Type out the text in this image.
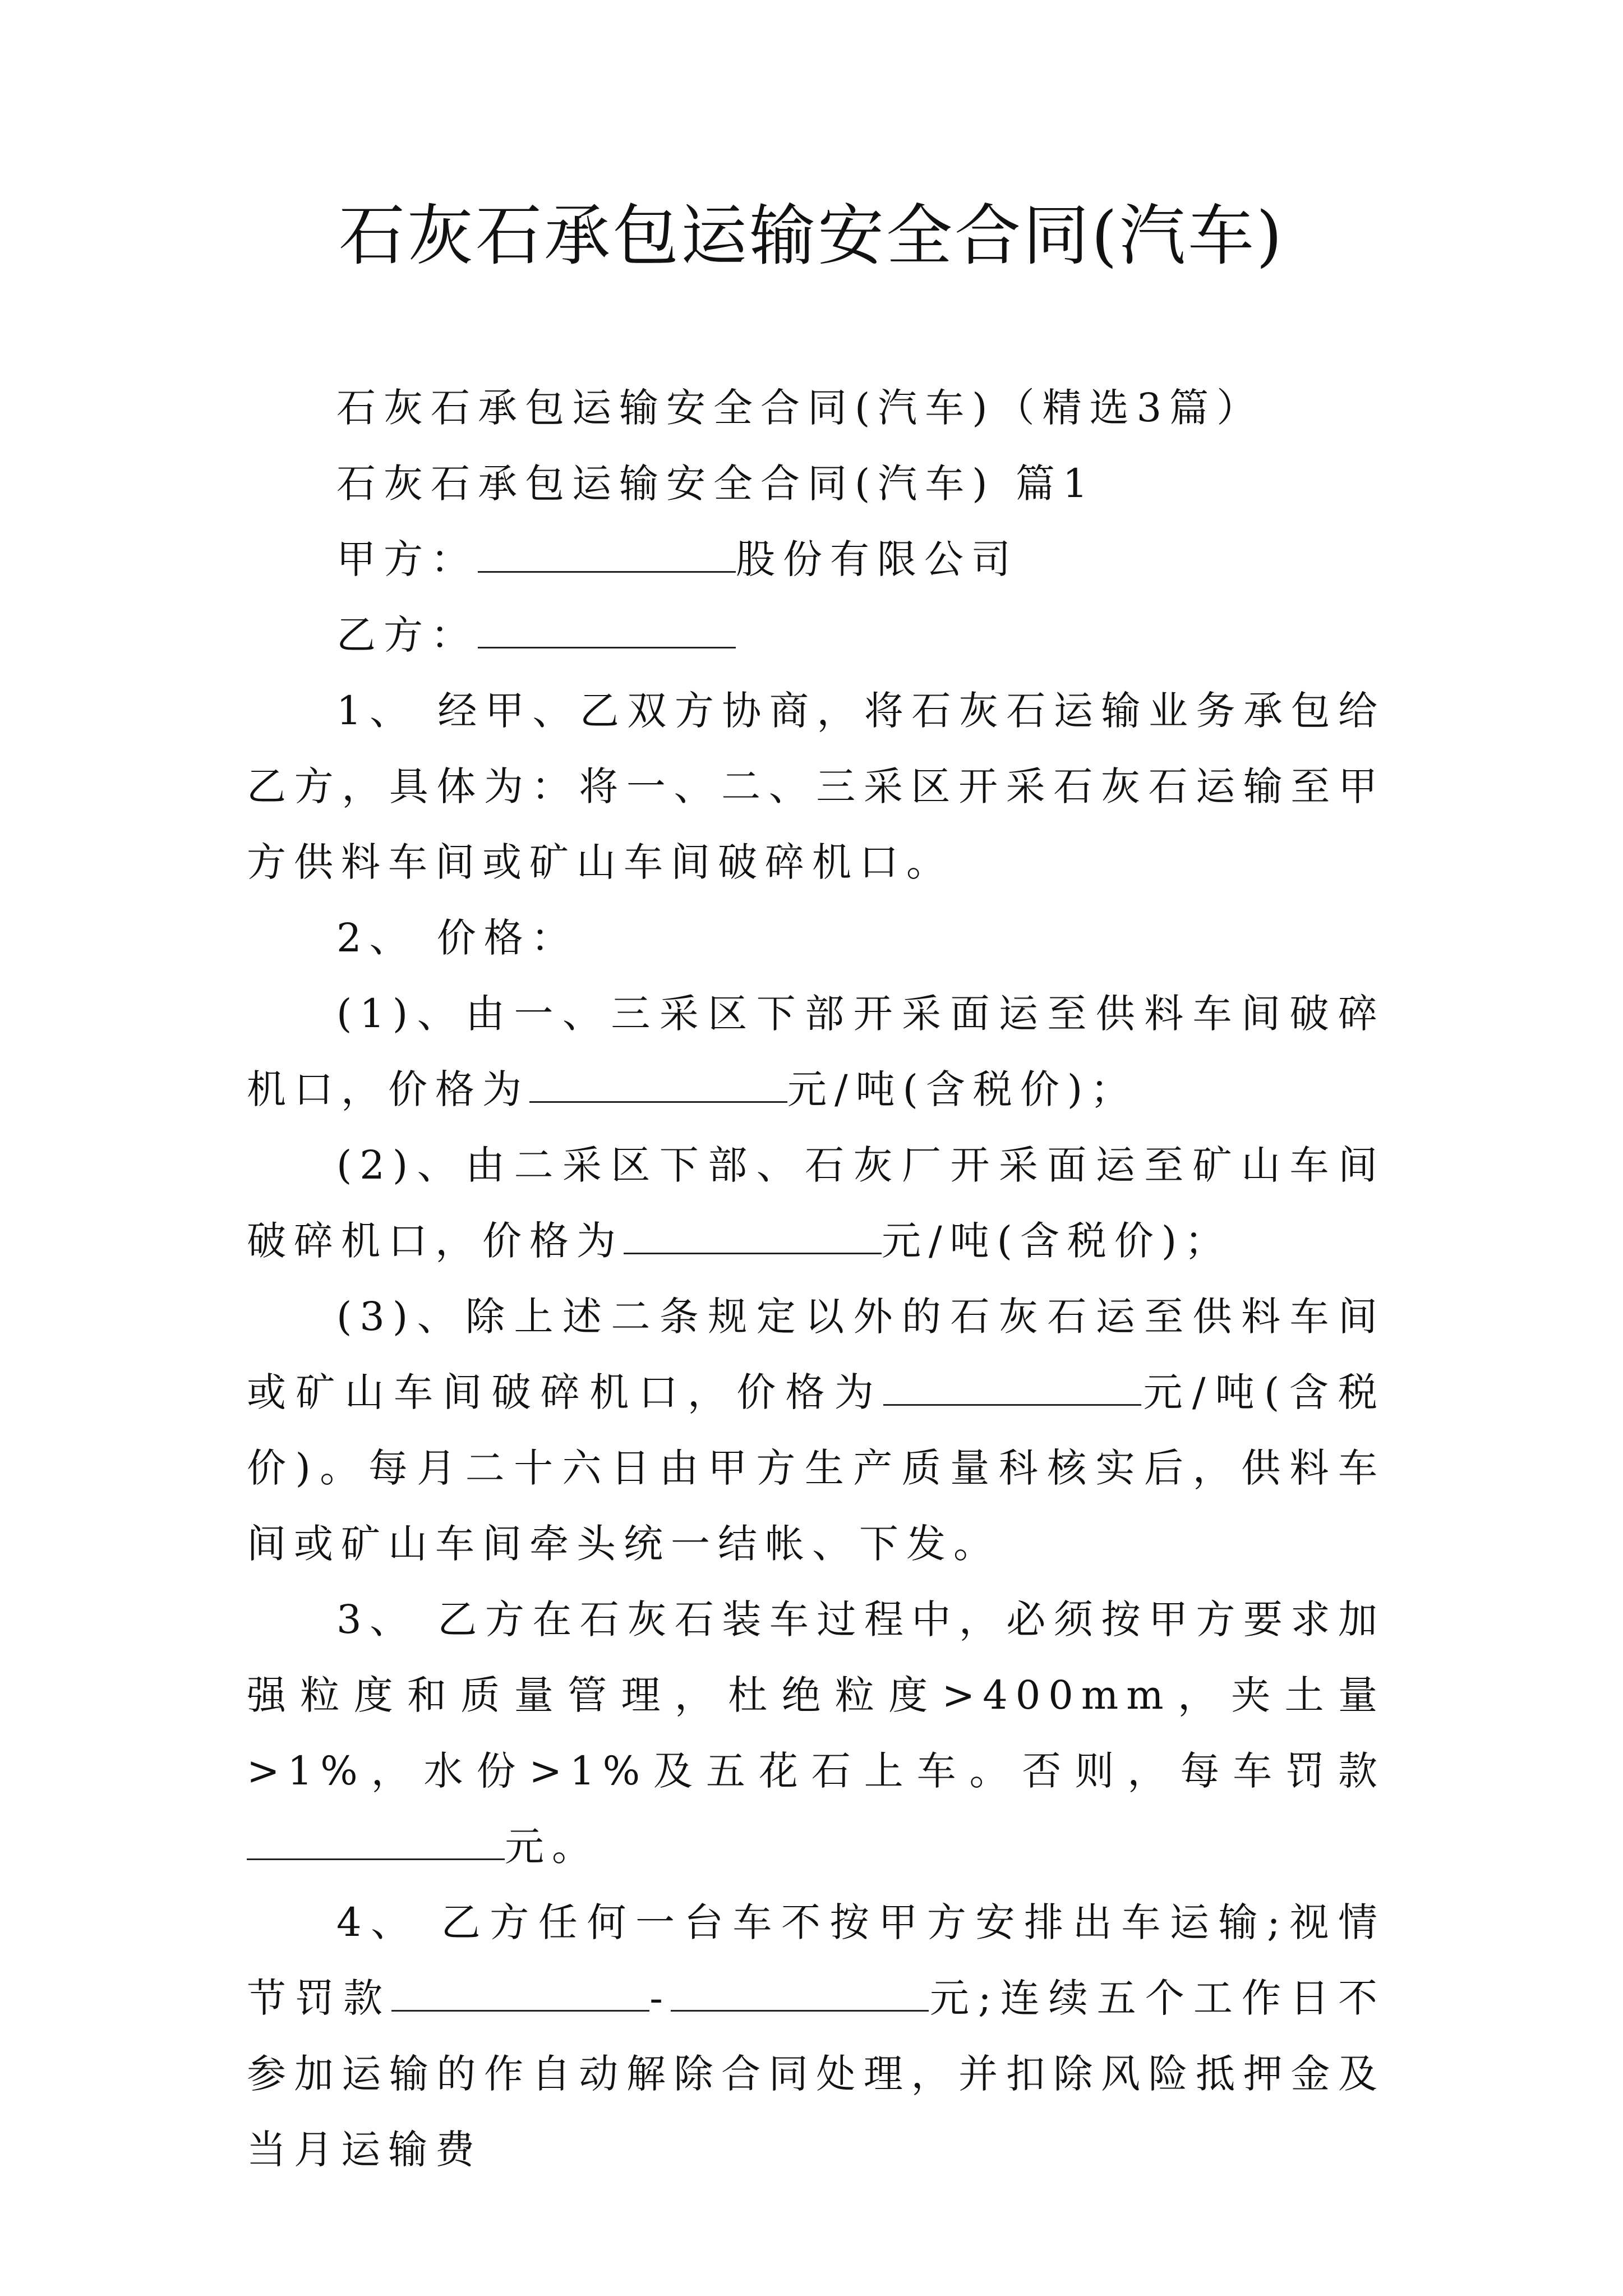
石灰石承包运输安全合同(汽车)

石灰石承包运输安全合同(汽车)（精选3篇）

石灰石承包运输安全合同(汽车) 篇1

甲方：	股份有限公司

乙方：

1、 经甲、乙双方协商，将石灰石运输业务承包给乙方，具体为：将一、二、三采区开采石灰石运输至甲方供料车间或矿山车间破碎机口。

2、 价格：

(1)、由一、三采区下部开采面运至供料车间破碎机口，价格为	元/吨(含税价)；

(2)、由二采区下部、石灰厂开采面运至矿山车间破碎机口，价格为	元/吨(含税价)；

(3)、除上述二条规定以外的石灰石运至供料车间或矿山车间破碎机口，价格为	元/吨(含税价)。每月二十六日由甲方生产质量科核实后，供料车间或矿山车间牵头统一结帐、下发。

3、 乙方在石灰石装车过程中，必须按甲方要求加强粒度和质量管理，杜绝粒度>400mm，夹土量>1%，水份>1%及五花石上车。否则，每车罚款元。

4、 乙方任何一台车不按甲方安排出车运输;视情节罚款	-	元;连续五个工作日不参加运输的作自动解除合同处理，并扣除风险抵押金及当月运输费
